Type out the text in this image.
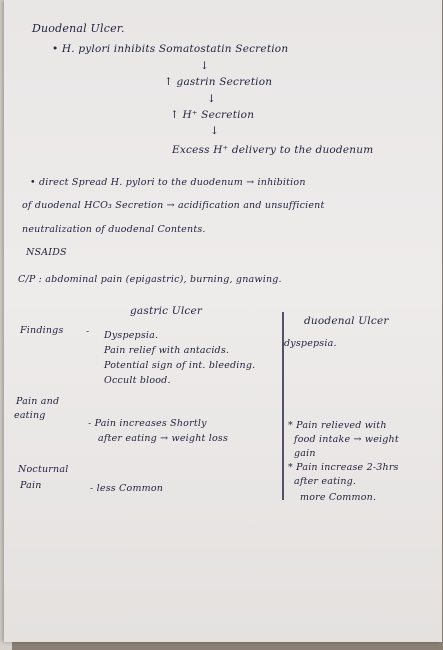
Duodenal Ulcer.
• H. pylori inhibits Somatostatin Secretion
↓
↑ gastrin Secretion
↓
↑ H⁺ Secretion
↓
Excess H⁺ delivery to the duodenum
• direct Spread H. pylori to the duodenum → inhibition
of duodenal HCO₃ Secretion → acidification and unsufficient
neutralization of duodenal Contents.
NSAIDS
C/P : abdominal pain (epigastric), burning, gnawing.
gastric Ulcer
duodenal Ulcer
Findings - Dyspepsia.
Pain relief with antacids.
Potential sign of int. bleeding.
Occult blood.
dyspepsia.
Pain and
eating
- Pain increases Shortly
after eating → weight loss
* Pain relieved with
food intake → weight
gain
* Pain increase 2-3hrs
after eating.
more Common.
Nocturnal
Pain	- less Common
